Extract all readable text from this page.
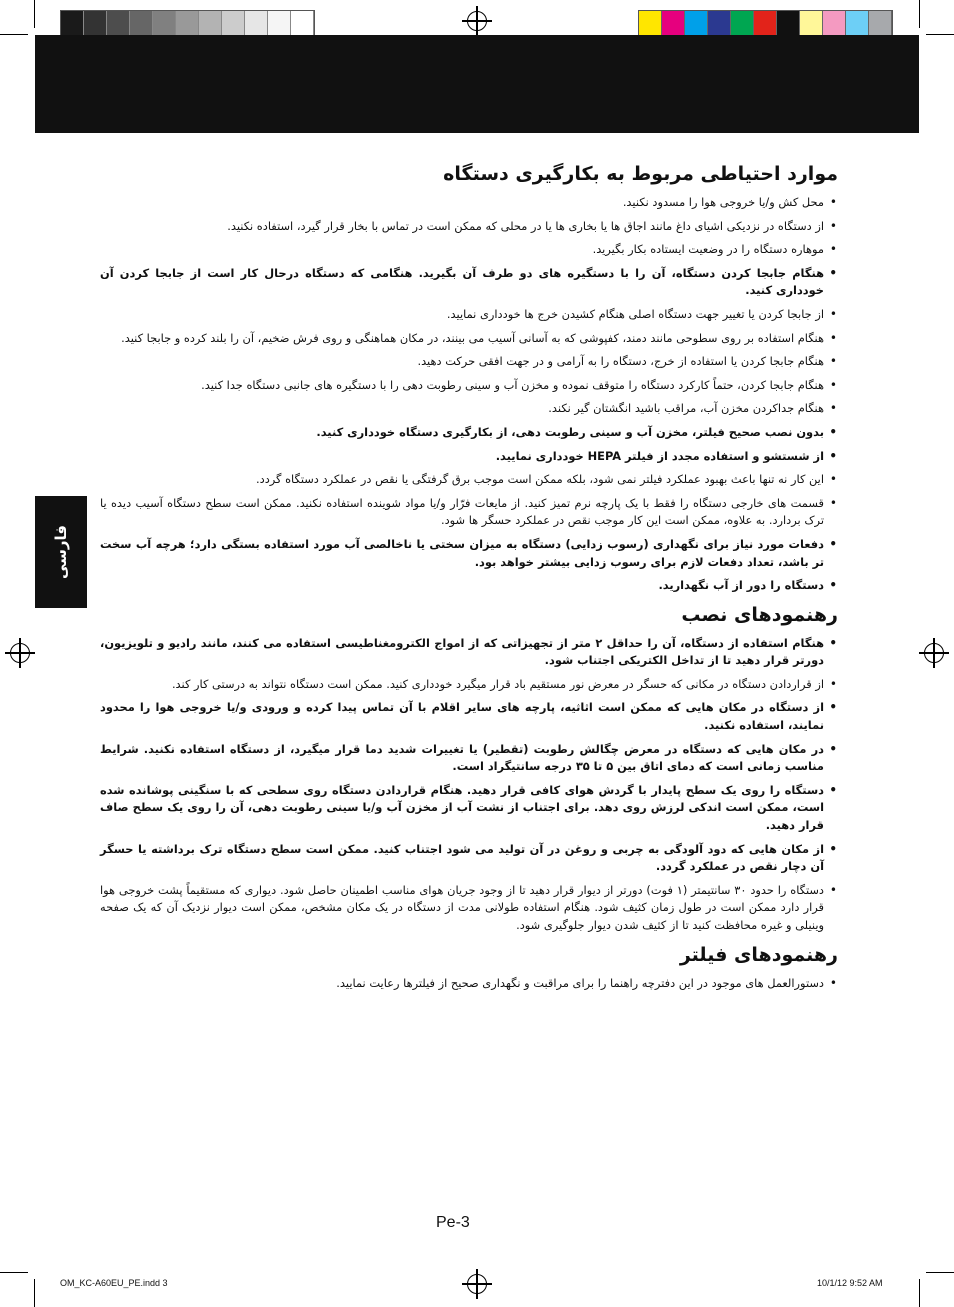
فارسی
موارد احتیاطی مربوط به بکارگیری دستگاه
• محل کش و/یا خروجی هوا را مسدود نکنید.
• از دستگاه در نزدیکی اشیای داغ مانند اجاق ها یا بخاری ها یا در محلی که ممکن است در تماس با بخار قرار گیرد، استفاده نکنید.
• موهاره دستگاه را در وضعیت ایستاده بکار بگیرید.
• هنگام جابجا کردن دستگاه، آن را با دستگیره های دو طرف آن بگیرید. هنگامی که دستگاه درحال کار است از جابجا کردن آن خودداری کنید.
• از جابجا کردن یا تغییر جهت دستگاه اصلی هنگام کشیدن خرج ها خودداری نمایید.
• هنگام استفاده بر روی سطوحی مانند دمند، کفپوشی که به آسانی آسیب می بینند، در مکان هماهنگی و روی فرش ضخیم، آن را بلند کرده و جابجا کنید.
• هنگام جابجا کردن یا استفاده از خرج، دستگاه را به آرامی و در جهت افقی حرکت دهید.
• هنگام جابجا کردن، حتماً کارکرد دستگاه را متوقف نموده و مخزن آب و سینی رطوبت دهی را با دستگیره های جانبی دستگاه جدا کنید.
• هنگام جداکردن مخزن آب، مراقب باشید انگشتان گیر نکند.
• بدون نصب صحیح فیلتر، مخزن آب و سینی رطوبت دهی، از بکارگیری دستگاه خودداری کنید.
• از شستشو و استفاده مجدد از فیلتر HEPA خودداری نمایید.
• این کار نه تنها باعث بهبود عملکرد فیلتر نمی شود، بلکه ممکن است موجب برق گرفتگی یا نقص در عملکرد دستگاه گردد.
• قسمت های خارجی دستگاه را فقط با یک پارچه نرم تمیز کنید. از مایعات فرّار و/یا مواد شوینده استفاده نکنید. ممکن است سطح دستگاه آسیب دیده یا ترک بردارد. به علاوه، ممکن است این کار موجب نقص در عملکرد حسگر ها شود.
• دفعات مورد نیاز برای نگهداری (رسوب زدایی) دستگاه به میزان سختی یا ناخالصی آب مورد استفاده بستگی دارد؛ هرچه آب سخت تر باشد، تعداد دفعات لازم برای رسوب زدایی بیشتر خواهد بود.
• دستگاه را دور از آب نگهدارید.
رهنمودهای نصب
• هنگام استفاده از دستگاه، آن را حداقل ۲ متر از تجهیزاتی که از امواج الکترومغناطیسی استفاده می کنند، مانند رادیو و تلویزیون، دورتر قرار دهید تا از تداخل الکتریکی اجتناب شود.
• از قراردادن دستگاه در مکانی که حسگر در معرض نور مستقیم باد قرار میگیرد خودداری کنید. ممکن است دستگاه نتواند به درستی کار کند.
• از دستگاه در مکان هایی که ممکن است اثاثیه، پارچه های ساير اقلام با آن تماس پیدا کرده و ورودی و/یا خروجی هوا را محدود نمایند، استفاده نکنید.
• در مکان هایی که دستگاه در معرض چگالش رطوبت (تقطیر) یا تغییرات شدید دما قرار میگیرد، از دستگاه استفاده نکنید. شرایط مناسب زمانی است که دمای اتاق بین ۵ تا ۳۵ درجه سانتیگراد است.
• دستگاه را روی یک سطح پایدار با گردش هوای کافی قرار دهید. هنگام قراردادن دستگاه روی سطحی که با سنگینی پوشانده شده است، ممکن است اندکی لرزش روی دهد. برای اجتناب از نشت آب از مخزن آب و/یا سینی رطوبت دهی، آن را روی یک سطح صاف قرار دهید.
• از مکان هایی که دود آلودگی به چربی و روغن در آن تولید می شود اجتناب کنید. ممکن است سطح دستگاه ترک برداشته یا حسگر آن دچار نقص در عملکرد گردد.
• دستگاه را حدود ۳۰ سانتیمتر (۱ فوت) دورتر از دیوار قرار دهید تا از وجود جریان هوای مناسب اطمینان حاصل شود. دیواری که مستقیماً پشت خروجی هوا قرار دارد ممکن است در طول زمان کثیف شود. هنگام استفاده طولانی مدت از دستگاه در یک مکان مشخص، ممکن است دیوار نزدیک آن که یک صفحه وینیلی و غیره محافظت کنید تا از کثیف شدن دیوار جلوگیری شود.
رهنمودهای فیلتر
• دستورالعمل های موجود در این دفترچه راهنما را برای مراقبت و نگهداری صحیح از فیلترها رعایت نمایید.
Pe-3
OM_KC-A60EU_PE.indd 3	10/1/12 9:52 AM
